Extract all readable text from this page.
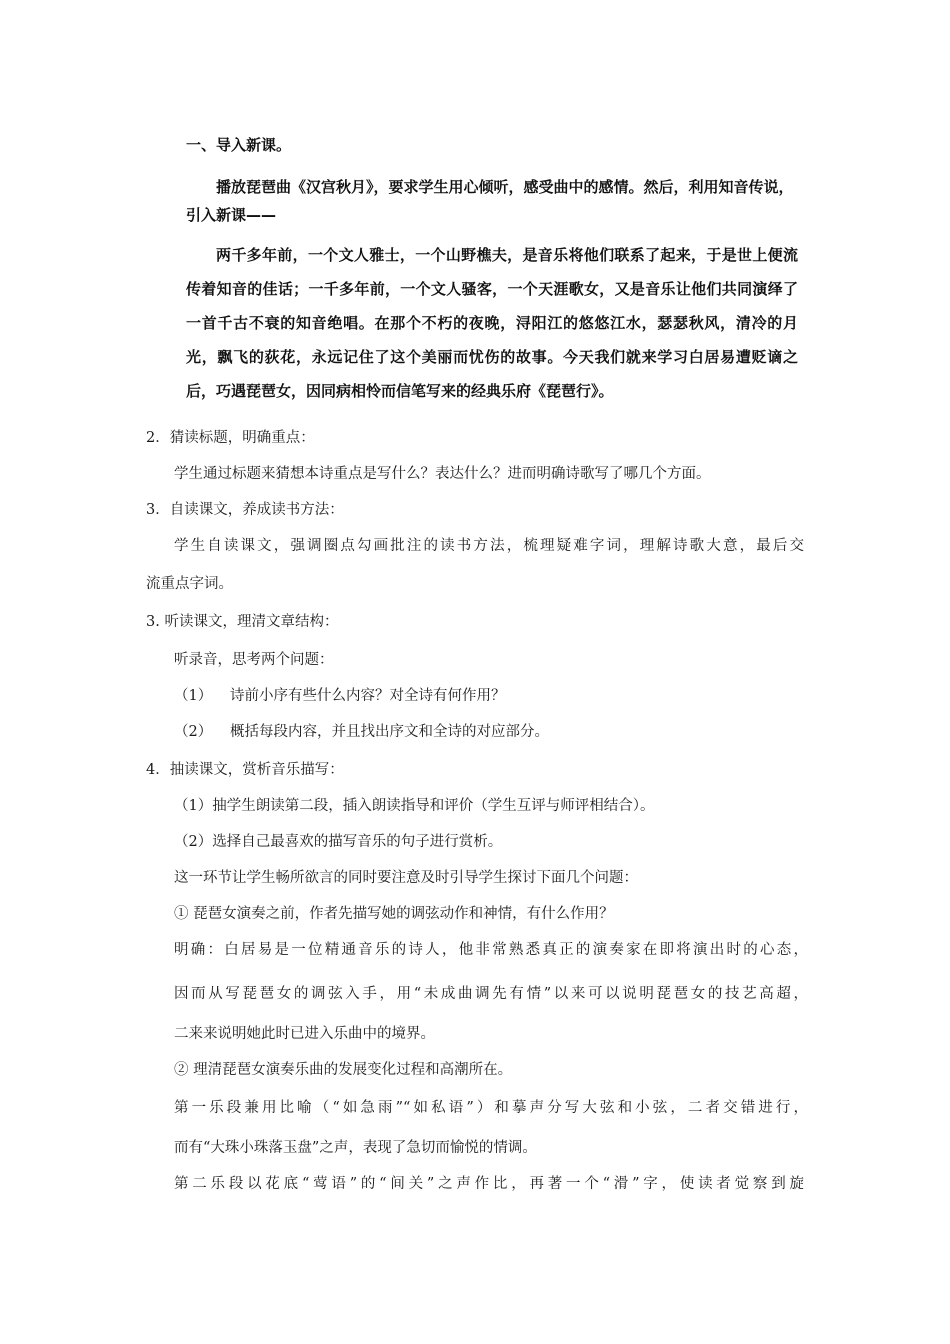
一、导入新课。

播放琵琶曲《汉宫秋月》，要求学生用心倾听，感受曲中的感情。然后，利用知音传说，

引入新课——

两千多年前，一个文人雅士，一个山野樵夫，是音乐将他们联系了起来，于是世上便流传着知音的佳话；一千多年前，一个文人骚客，一个天涯歌女，又是音乐让他们共同演绎了一首千古不衰的知音绝唱。在那个不朽的夜晚，浔阳江的悠悠江水，瑟瑟秋风，清冷的月光，飘飞的荻花，永远记住了这个美丽而忧伤的故事。今天我们就来学习白居易遭贬谪之后，巧遇琵琶女，因同病相怜而信笔写来的经典乐府《琵琶行》。

2．猜读标题，明确重点：
学生通过标题来猜想本诗重点是写什么？表达什么？进而明确诗歌写了哪几个方面。
3．自读课文，养成读书方法：
学生自读课文，强调圈点勾画批注的读书方法，梳理疑难字词，理解诗歌大意，最后交
流重点字词。
3. 听读课文，理清文章结构：
听录音，思考两个问题：
（1） 诗前小序有些什么内容？对全诗有何作用？
（2） 概括每段内容，并且找出序文和全诗的对应部分。
4．抽读课文，赏析音乐描写：
（1）抽学生朗读第二段，插入朗读指导和评价（学生互评与师评相结合）。
（2）选择自己最喜欢的描写音乐的句子进行赏析。
这一环节让学生畅所欲言的同时要注意及时引导学生探讨下面几个问题：
① 琵琶女演奏之前，作者先描写她的调弦动作和神情，有什么作用？
明确：白居易是一位精通音乐的诗人，他非常熟悉真正的演奏家在即将演出时的心态，
因而从写琵琶女的调弦入手，用“未成曲调先有情”以来可以说明琵琶女的技艺高超，
二来来说明她此时已进入乐曲中的境界。
② 理清琵琶女演奏乐曲的发展变化过程和高潮所在。
第一乐段兼用比喻（“如急雨”“如私语”）和摹声分写大弦和小弦，二者交错进行，
而有“大珠小珠落玉盘”之声，表现了急切而愉悦的情调。
第二乐段以花底“莺语”的“间关”之声作比，再著一个“滑”字，使读者觉察到旋
